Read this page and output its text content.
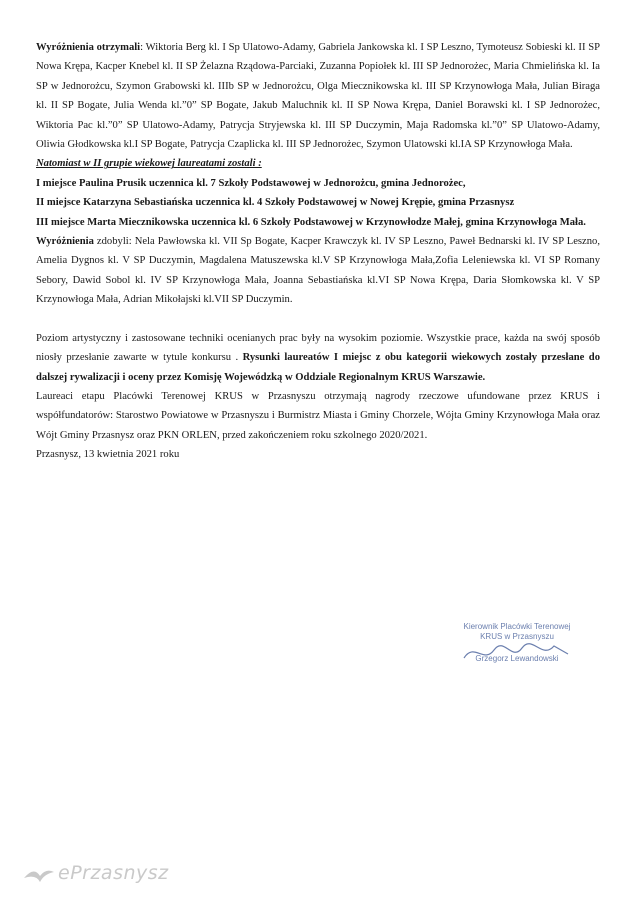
Wyróżnienia otrzymali: Wiktoria Berg kl. I Sp Ulatowo-Adamy, Gabriela Jankowska kl. I SP Leszno, Tymoteusz Sobieski kl. II SP Nowa Krępa, Kacper Knebel kl. II SP Żelazna Rządowa-Parciaki, Zuzanna Popiołek kl. III SP Jednorożec, Maria Chmielińska kl. Ia SP w Jednorożcu, Szymon Grabowski kl. IIIb SP w Jednorożcu, Olga Miecznikowska kl. III SP Krzynowłoga Mała, Julian Biraga kl. II SP Bogate, Julia Wenda kl.”0” SP Bogate, Jakub Maluchnik kl. II SP Nowa Krępa, Daniel Borawski kl. I SP Jednorożec, Wiktoria Pac kl.”0” SP Ulatowo-Adamy, Patrycja Stryjewska kl. III SP Duczymin, Maja Radomska kl.”0” SP Ulatowo-Adamy, Oliwia Głodkowska kl.I SP Bogate, Patrycja Czaplicka kl. III SP Jednorożec, Szymon Ulatowski kl.IA SP Krzynowłoga Mała.

Natomiast w II grupie wiekowej laureatami zostali :

I miejsce Paulina Prusik uczennica kl. 7 Szkoły Podstawowej w Jednorożcu, gmina Jednorożec,

II miejsce Katarzyna Sebastiańska uczennica kl. 4 Szkoły Podstawowej w Nowej Krępie, gmina Przasnysz

III miejsce Marta Miecznikowska uczennica kl. 6 Szkoły Podstawowej w Krzynowłodze Małej, gmina Krzynowłoga Mała.

Wyróżnienia zdobyli: Nela Pawłowska kl. VII Sp Bogate, Kacper Krawczyk kl. IV SP Leszno, Paweł Bednarski kl. IV SP Leszno, Amelia Dygnos kl. V SP Duczymin, Magdalena Matuszewska kl.V SP Krzynowłoga Mała,Zofia Leleniewska kl. VI SP Romany Sebory, Dawid Sobol kl. IV SP Krzynowłoga Mała, Joanna Sebastiańska kl.VI SP Nowa Krępa, Daria Słomkowska kl. V SP Krzynowłoga Mała, Adrian Mikołajski kl.VII SP Duczymin.

Poziom artystyczny i zastosowane techniki ocenianych prac były na wysokim poziomie. Wszystkie prace, każda na swój sposób niosły przesłanie zawarte w tytule konkursu . Rysunki laureatów I miejsc z obu kategorii wiekowych zostały przesłane do dalszej rywalizacji i oceny przez Komisję Wojewódzką w Oddziale Regionalnym KRUS Warszawie.

Laureaci etapu Placówki Terenowej KRUS w Przasnyszu otrzymają nagrody rzeczowe ufundowane przez KRUS i współfundatorów: Starostwo Powiatowe w Przasnyszu i Burmistrz Miasta i Gminy Chorzele, Wójta Gminy Krzynowłoga Mała oraz Wójt Gminy Przasnysz oraz PKN ORLEN, przed zakończeniem roku szkolnego 2020/2021.

Przasnysz, 13 kwietnia 2021 roku

Kierownik Placówki Terenowej
KRUS w Przasnyszu
Grzegorz Lewandowski
ePrzasnysz
